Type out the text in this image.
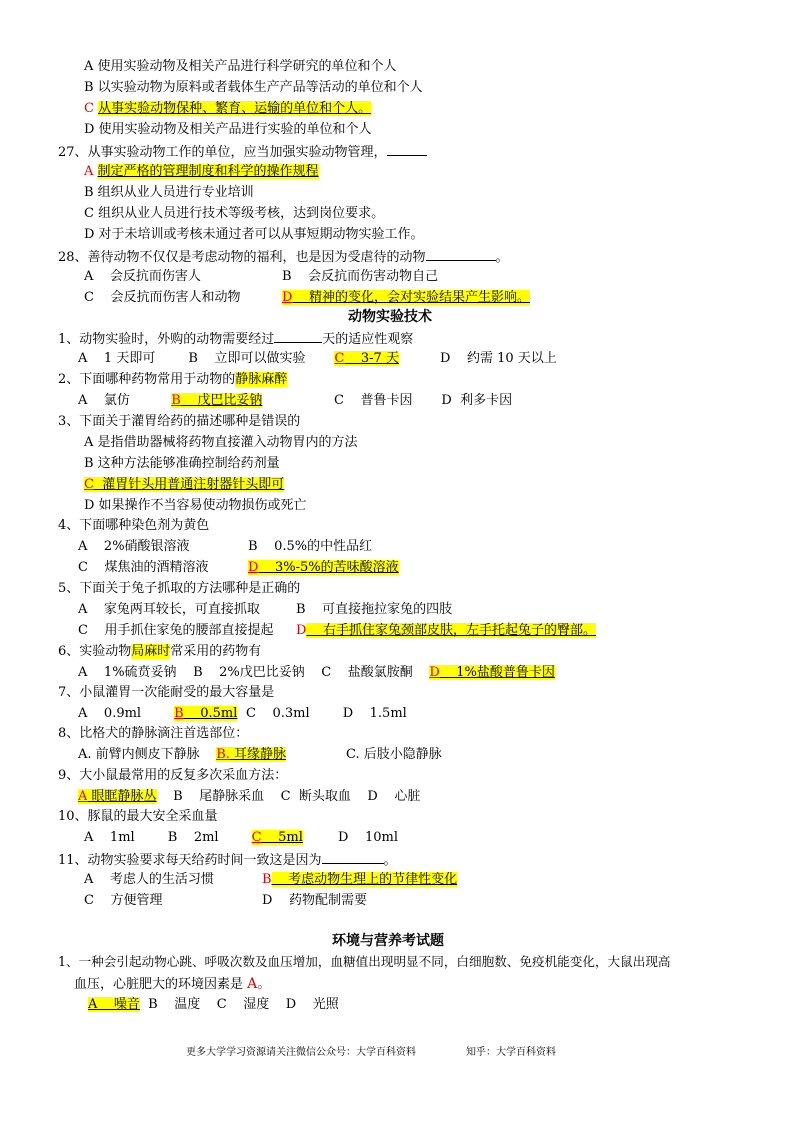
A 使用实验动物及相关产品进行科学研究的单位和个人
B 以实验动物为原料或者载体生产产品等活动的单位和个人
C 从事实验动物保种、繁育、运输的单位和个人。
D 使用实验动物及相关产品进行实验的单位和个人
27、从事实验动物工作的单位，应当加强实验动物管理，
A 制定严格的管理制度和科学的操作规程
B 组织从业人员进行专业培训
C 组织从业人员进行技术等级考核，达到岗位要求。
D 对于未培训或考核未通过者可以从事短期动物实验工作。
28、善待动物不仅仅是考虑动物的福利，也是因为受虐待的动物	。
A    会反抗而伤害人	B    会反抗而伤害动物自己
C    会反抗而伤害人和动物	D    精神的变化，会对实验结果产生影响。
动物实验技术
1、动物实验时，外购的动物需要经过	天的适应性观察
A    1 天即可        B    立即可以做实验       C    3-7 天	D    约需 10 天以上
2、下面哪种药物常用于动物的静脉麻醉
A    氯仿          B    戊巴比妥钠	C    普鲁卡因       D  利多卡因
3、下面关于灌胃给药的描述哪种是错误的
A 是指借助器械将药物直接灌入动物胃内的方法
B 这种方法能够准确控制给药剂量
C  灌胃针头用普通注射器针头即可
D 如果操作不当容易使动物损伤或死亡
4、下面哪种染色剂为黄色
A    2%硝酸银溶液	B    0.5%的中性品红
C    煤焦油的酒精溶液	D    3%-5%的苦味酸溶液
5、下面关于兔子抓取的方法哪种是正确的
A    家兔两耳较长，可直接抓取	B    可直接拖拉家兔的四肢
C    用手抓住家兔的腰部直接提起 D    右手抓住家兔颈部皮肤，左手托起兔子的臀部。
6、实验动物局麻时常采用的药物有
A    1%硫贲妥钠    B    2%戊巴比妥钠    C    盐酸氯胺酮    D    1%盐酸普鲁卡因
7、小鼠灌胃一次能耐受的最大容量是
A    0.9ml        B    0.5ml C    0.3ml        D    1.5ml
8、比格犬的静脉滴注首选部位：
A. 前臂内侧皮下静脉    B. 耳缘静脉	C. 后肢小隐静脉
9、大小鼠最常用的反复多次采血方法：
A 眼眶静脉丛 B    尾静脉采血    C  断头取血    D    心脏
10、豚鼠的最大安全采血量
A    1ml        B    2ml        C    5ml	D    10ml
11、动物实验要求每天给药时间一致这是因为	。
A    考虑人的生活习惯	B    考虑动物生理上的节律性变化
C    方便管理	D    药物配制需要
环境与营养考试题
1、一种会引起动物心跳、呼吸次数及血压增加，血糖值出现明显不同，白细胞数、免疫机能变化，大鼠出现高
血压，心脏肥大的环境因素是 A。
A    噪音  B    温度    C    湿度    D    光照
更多大学学习资源请关注微信公众号：大学百科资料	知乎：大学百科资料
